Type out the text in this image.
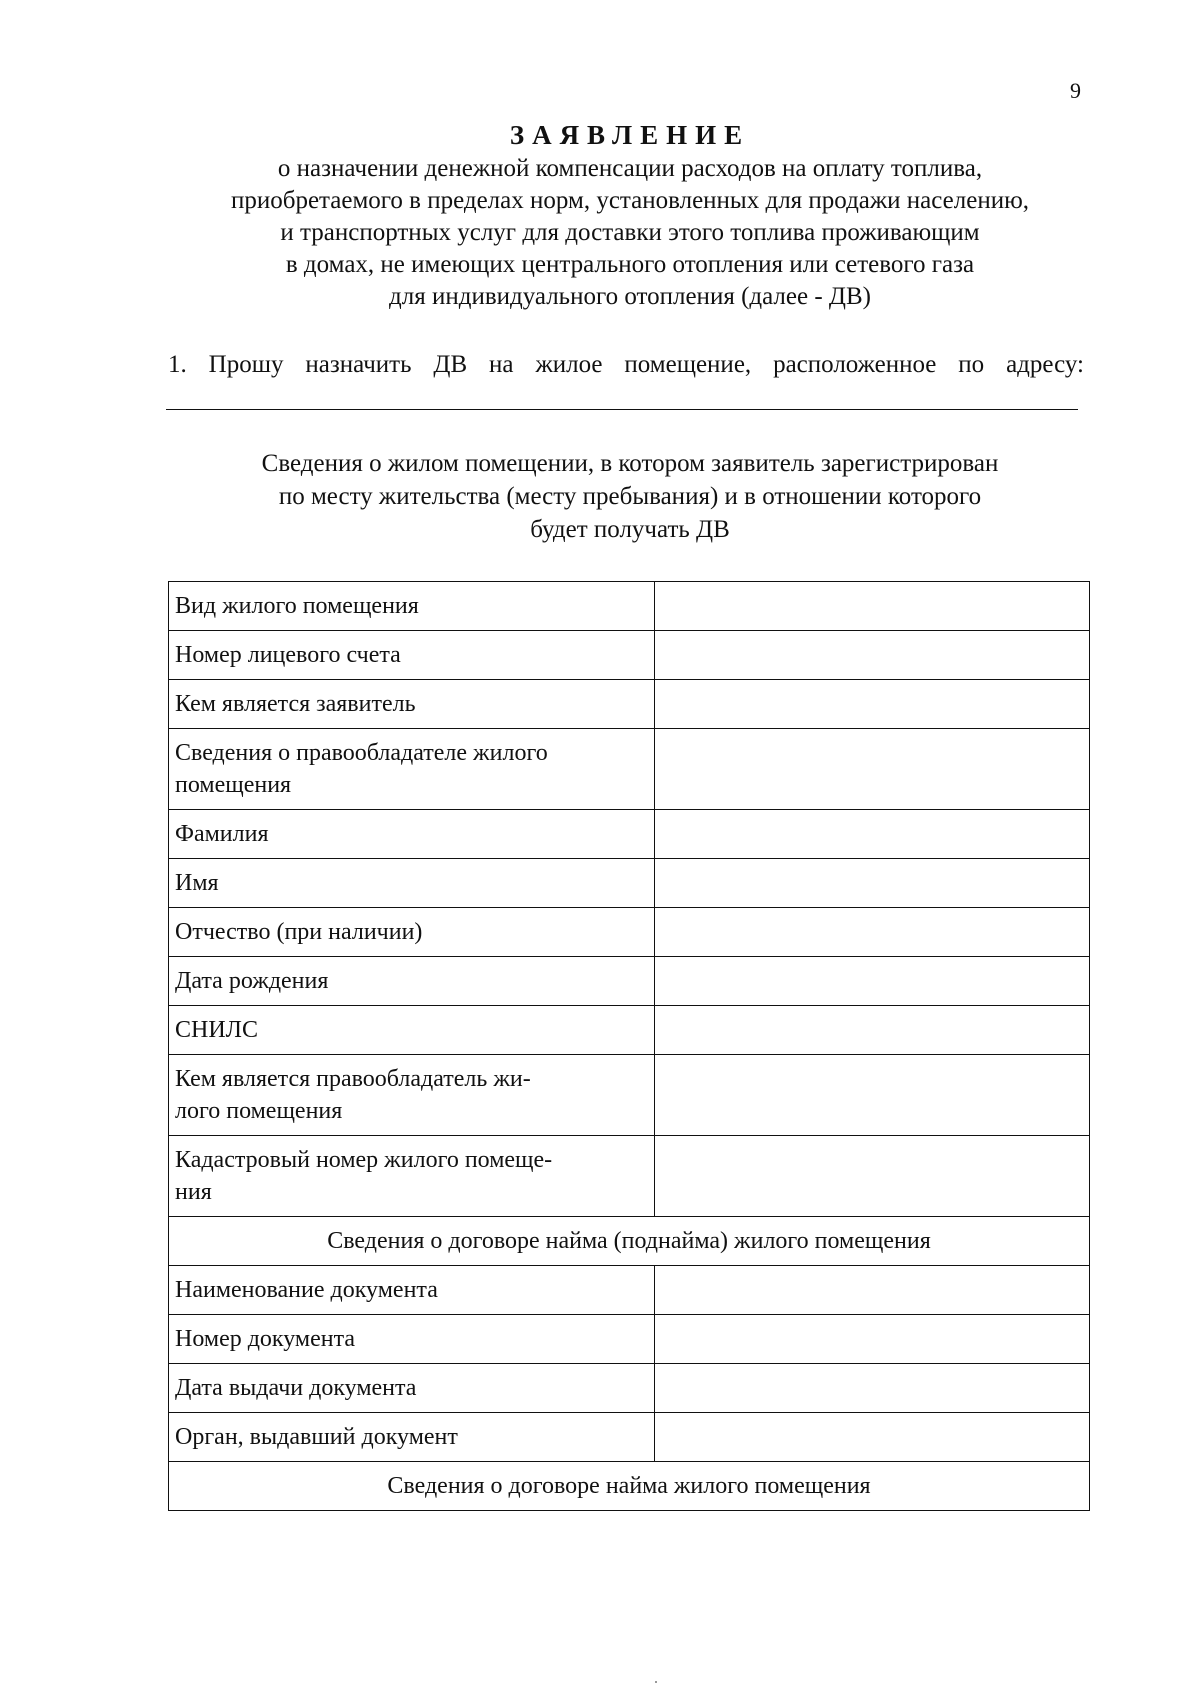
9
ЗАЯВЛЕНИЕ
о назначении денежной компенсации расходов на оплату топлива,
приобретаемого в пределах норм, установленных для продажи населению,
и транспортных услуг для доставки этого топлива проживающим
в домах, не имеющих центрального отопления или сетевого газа
для индивидуального отопления (далее - ДВ)
1. Прошу назначить ДВ на жилое помещение, расположенное по адресу:
Сведения о жилом помещении, в котором заявитель зарегистрирован
по месту жительства (месту пребывания) и в отношении которого
будет получать ДВ
Вид жилого помещения	
Номер лицевого счета	
Кем является заявитель	
Сведения о правообладателе жилого
помещения	
Фамилия	
Имя	
Отчество (при наличии)	
Дата рождения	
СНИЛС	
Кем является правообладатель жи-
лого помещения	
Кадастровый номер жилого помеще-
ния	
Сведения о договоре найма (поднайма) жилого помещения	
Наименование документа	
Номер документа	
Дата выдачи документа	
Орган, выдавший документ	
Сведения о договоре найма жилого помещения	
